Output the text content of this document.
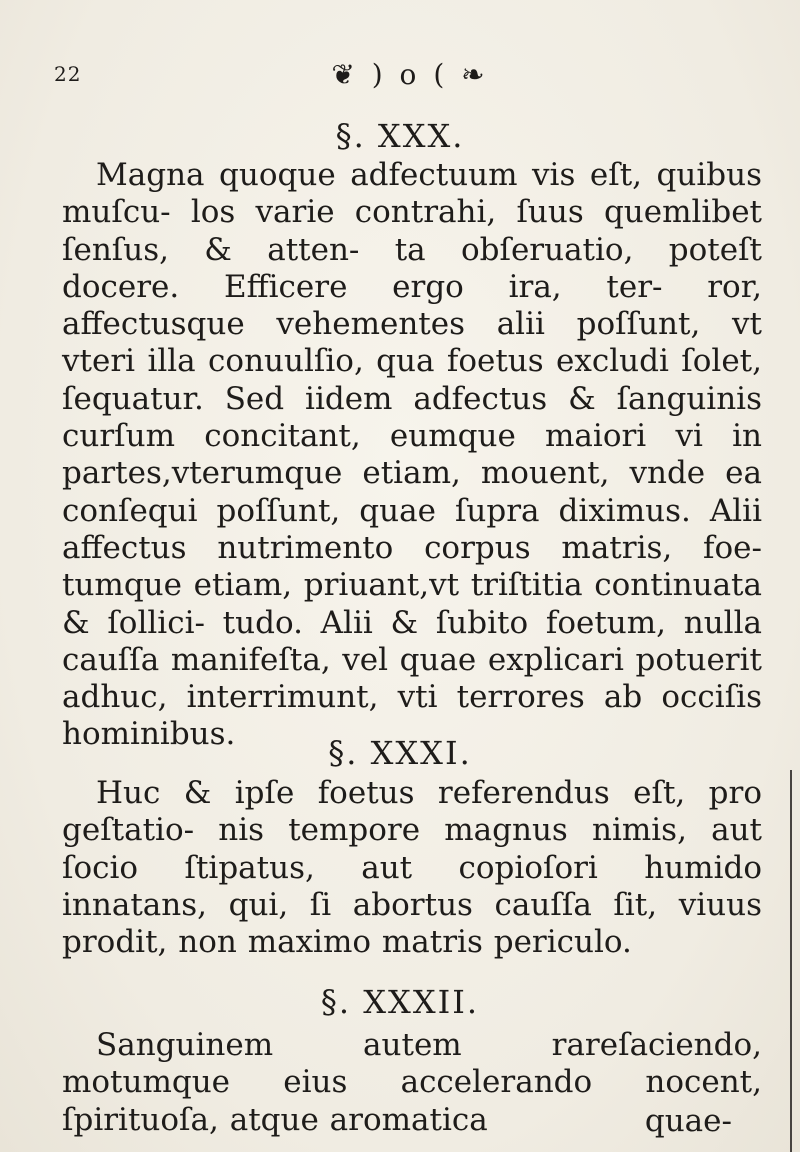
22	❦ ) o ( ❧
§. XXX.

Magna quoque adfectuum vis eſt, quibus muſcu- los varie contrahi, ſuus quemlibet ſenſus, & atten- ta obſeruatio, poteſt docere. Efficere ergo ira, ter- ror, affectusque vehementes alii poſſunt, vt vteri illa conuulſio, qua foetus excludi ſolet, ſequatur. Sed iidem adfectus & ſanguinis curſum concitant, eumque maiori vi in partes,vterumque etiam, mouent, vnde ea conſequi poſſunt, quae ſupra diximus. Alii affectus nutrimento corpus matris, foe- tumque etiam, priuant,vt triſtitia continuata & ſollici- tudo. Alii & ſubito foetum, nulla cauſſa manifeſta, vel quae explicari potuerit adhuc, interrimunt, vti terrores ab occiſis hominibus.	§. XXXI.

Huc & ipſe foetus referendus eſt, pro geſtatio- nis tempore magnus nimis, aut ſocio ſtipatus, aut copioſori humido innatans, qui, ſi abortus cauſſa ſit, viuus prodit, non maximo matris periculo.

§. XXXII.

Sanguinem autem rareſaciendo, motumque eius accelerando nocent, ſpirituoſa, atque aromatica	quae-
